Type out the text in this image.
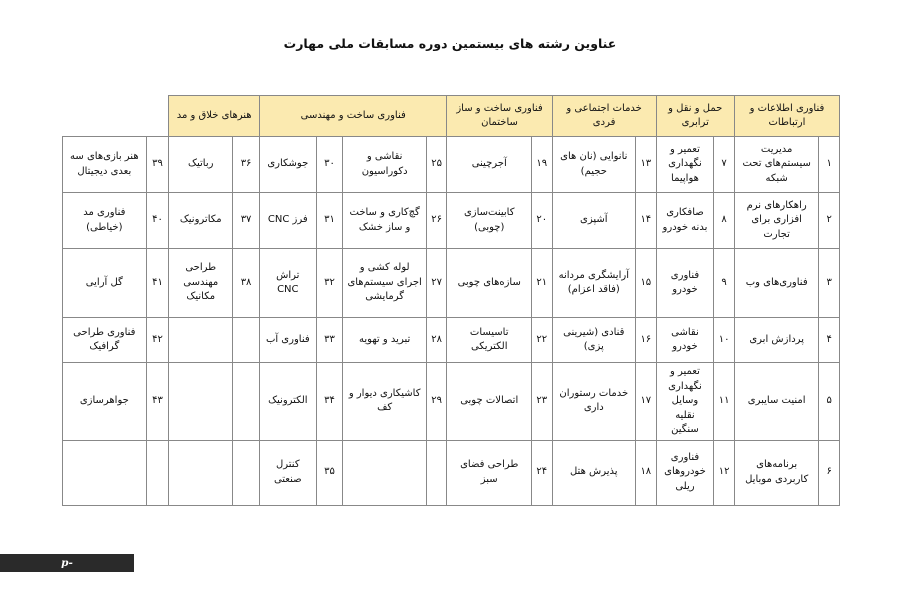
عناوین رشته های بیستمین دوره مسابقات ملی مهارت
فناوری اطلاعات و ارتباطات		حمل و نقل و ترابری		خدمات اجتماعی و فردی		فناوری ساخت و ساز ساختمان		فناوری ساخت و مهندسی				هنرهای خلاق و مد			
۱	مدیریت سیستم‌های تحت شبکه	۷	تعمیر و نگهداری هواپیما	۱۳	نانوایی (نان های حجیم)	۱۹	آجرچینی	۲۵	نقاشی و دکوراسیون	۳۰	جوشکاری	۳۶	رباتیک	۳۹	هنر بازی‌های سه بعدی دیجیتال
۲	راهکارهای نرم افزاری برای تجارت	۸	صافکاری بدنه خودرو	۱۴	آشپزی	۲۰	کابینت‌سازی (چوبی)	۲۶	گچ‌کاری و ساخت و ساز خشک	۳۱	فرز CNC	۳۷	مکاترونیک	۴۰	فناوری مد (خیاطی)
۳	فناوری‌های وب	۹	فناوری خودرو	۱۵	آرایشگری مردانه (فاقد اعزام)	۲۱	سازه‌های چوبی	۲۷	لوله کشی و اجرای سیستم‌های گرمایشی	۳۲	تراش CNC	۳۸	طراحی مهندسی مکانیک	۴۱	گل آرایی
۴	پردازش ابری	۱۰	نقاشی خودرو	۱۶	قنادی (شیرینی پزی)	۲۲	تاسیسات الکتریکی	۲۸	تبرید و تهویه	۳۳	فناوری آب			۴۲	فناوری طراحی گرافیک
۵	امنیت سایبری	۱۱	تعمیر و نگهداری وسایل نقلیه سنگین	۱۷	خدمات رستوران داری	۲۳	اتصالات چوبی	۲۹	کاشیکاری دیوار و کف	۳۴	الکترونیک			۴۳	جواهرسازی
۶	برنامه‌های کاربردی موبایل	۱۲	فناوری خودروهای ریلی	۱۸	پذیرش هتل	۲۴	طراحی فضای سبز			۳۵	کنترل صنعتی				
p-bandarabas.nus.ac.ir
